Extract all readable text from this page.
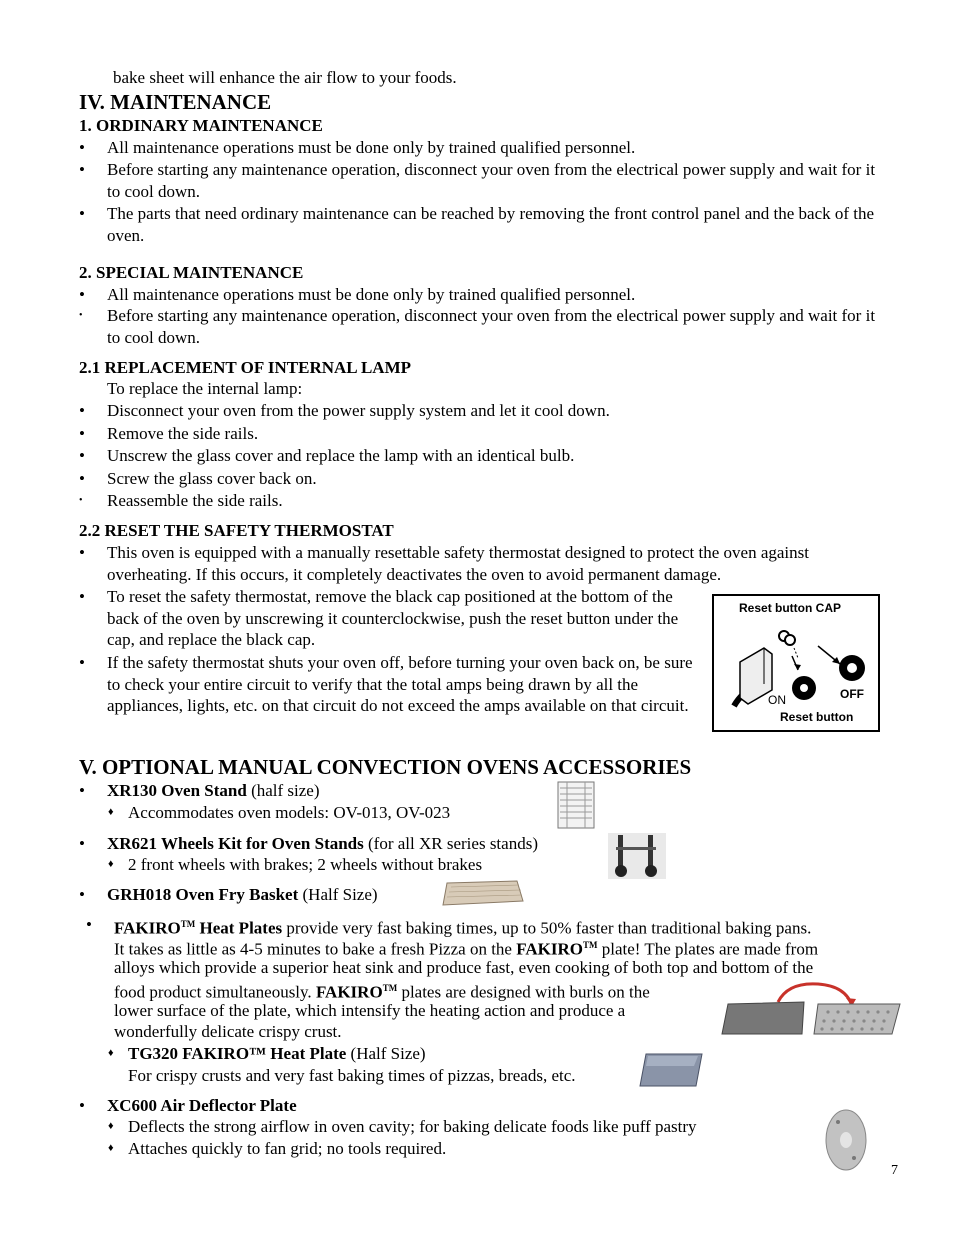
bake sheet will enhance the air flow to your foods.
IV. MAINTENANCE
1. ORDINARY MAINTENANCE
•	All maintenance operations must be done only by trained qualified personnel.
•	Before starting any maintenance operation, disconnect your oven from the electrical power supply and wait for it to cool down.
•	The parts that need ordinary maintenance can be reached by removing the front control panel and the back of the oven.
2. SPECIAL MAINTENANCE
•	All maintenance operations must be done only by trained qualified personnel.
•	Before starting any maintenance operation, disconnect your oven from the electrical power supply and wait for it to cool down.
2.1 REPLACEMENT OF INTERNAL LAMP
To replace the internal lamp:
•	Disconnect your oven from the power supply system and let it cool down.
•	Remove the side rails.
•	Unscrew the glass cover and replace the lamp with an identical bulb.
•	Screw the glass cover back on.
•	Reassemble the side rails.
2.2 RESET THE SAFETY THERMOSTAT
•	This oven is equipped with a manually resettable safety thermostat designed to protect the oven against overheating. If this occurs, it completely deactivates the oven to avoid permanent damage.
•	To reset the safety thermostat, remove the black cap positioned at the bottom of the back of the oven by unscrewing it counterclockwise, push the reset button under the cap, and replace the black cap.
•	If the safety thermostat shuts your oven off, before turning your oven back on, be sure to check your entire circuit to verify that the total amps being drawn by all the appliances, lights, etc. on that circuit do not exceed the amps available on that circuit.
Reset button CAP
ON	OFF
Reset button
V. OPTIONAL MANUAL CONVECTION OVENS ACCESSORIES
•	XR130 Oven Stand (half size)
♦ Accommodates oven models: OV-013, OV-023
•	XR621 Wheels Kit for Oven Stands (for all XR series stands)
♦ 2 front wheels with brakes; 2 wheels without brakes
•	GRH018 Oven Fry Basket (Half Size)
• FAKIRO™ Heat Plates provide very fast baking times, up to 50% faster than traditional baking pans.
It takes as little as 4-5 minutes to bake a fresh Pizza on the FAKIRO™ plate! The plates are made from
alloys which provide a superior heat sink and produce fast, even cooking of both top and bottom of the
food product simultaneously. FAKIRO™ plates are designed with burls on the
lower surface of the plate, which intensify the heating action and produce a
wonderfully delicate crispy crust.
♦ TG320 FAKIRO™ Heat Plate (Half Size)
For crispy crusts and very fast baking times of pizzas, breads, etc.
•	XC600 Air Deflector Plate
♦ Deflects the strong airflow in oven cavity; for baking delicate foods like puff pastry
♦ Attaches quickly to fan grid; no tools required.
7
